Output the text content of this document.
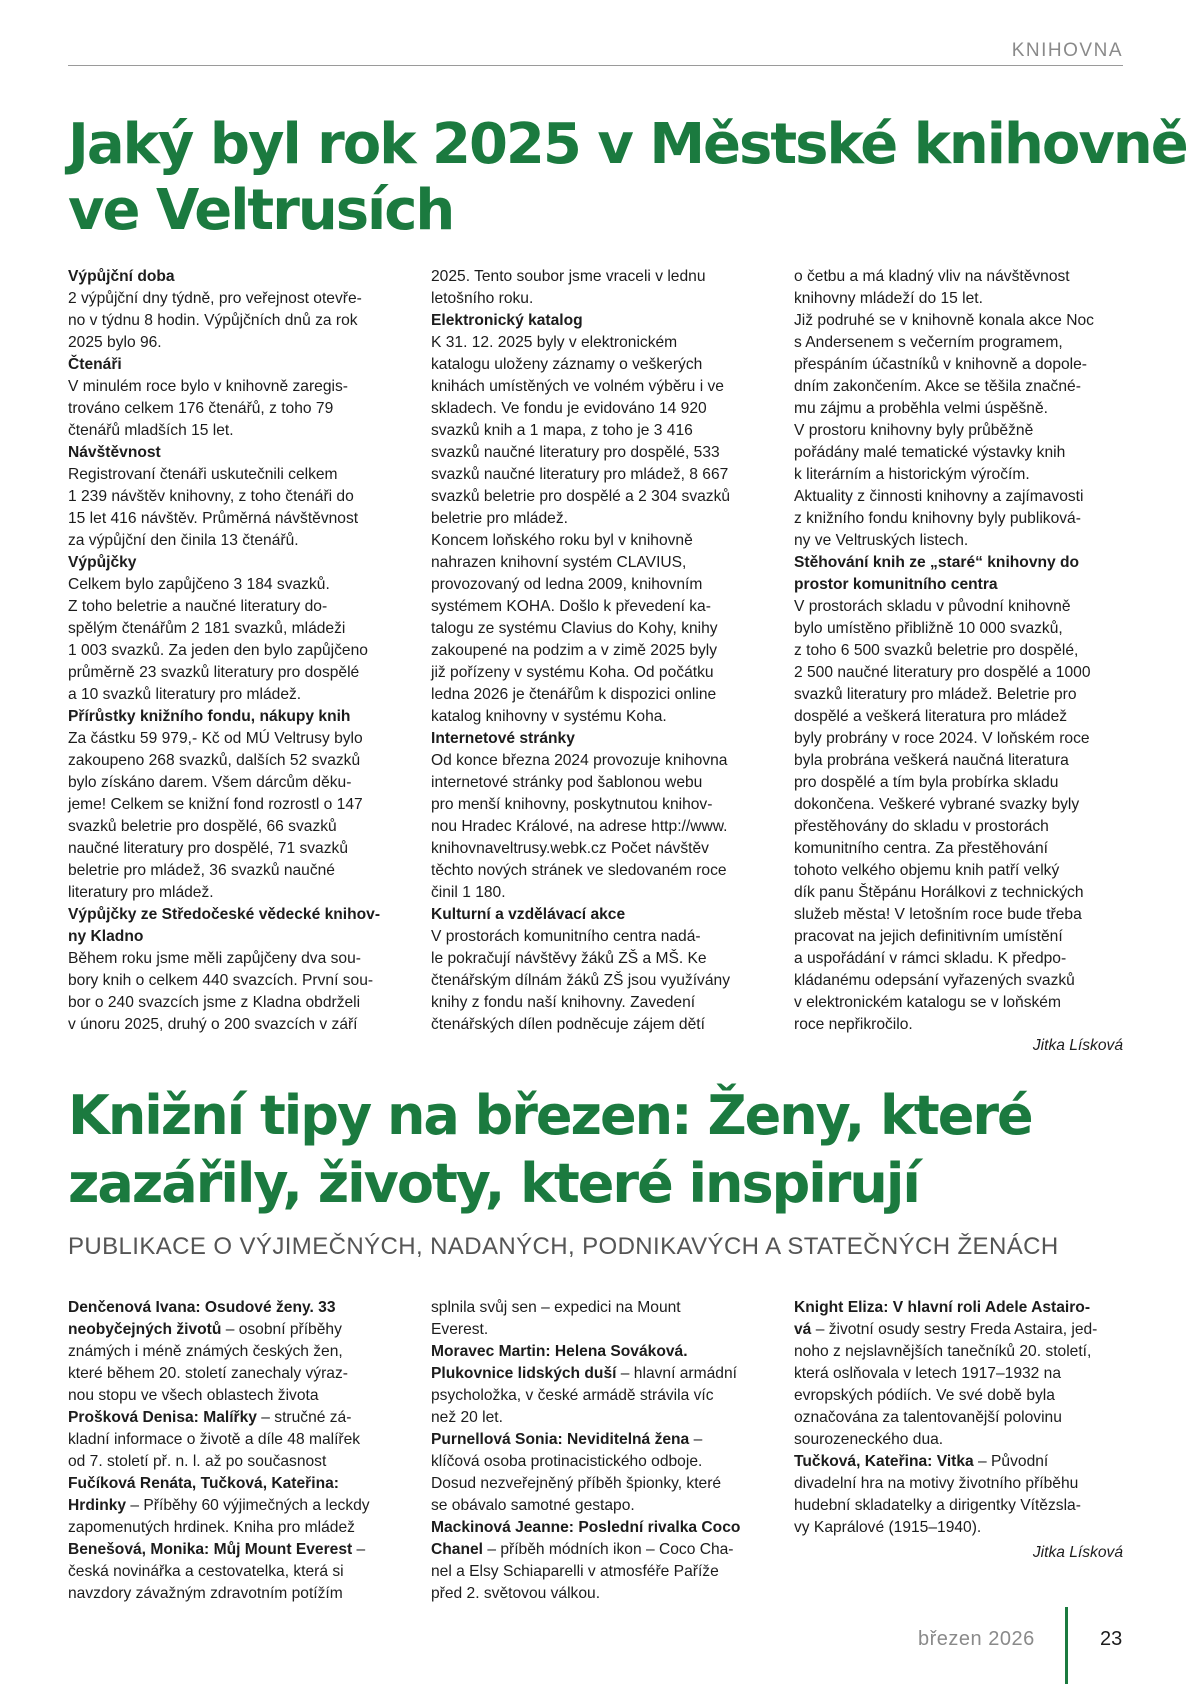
KNIHOVNA
Jaký byl rok 2025 v Městské knihovně
ve Veltrusích
Výpůjční doba
2 výpůjční dny týdně, pro veřejnost otevře-
no v týdnu 8 hodin. Výpůjčních dnů za rok
2025 bylo 96.
Čtenáři
V minulém roce bylo v knihovně zaregis-
trováno celkem 176 čtenářů, z toho 79
čtenářů mladších 15 let.
Návštěvnost
Registrovaní čtenáři uskutečnili celkem
1 239 návštěv knihovny, z toho čtenáři do
15 let 416 návštěv. Průměrná návštěvnost
za výpůjční den činila 13 čtenářů.
Výpůjčky
Celkem bylo zapůjčeno 3 184 svazků.
Z toho beletrie a naučné literatury do-
spělým čtenářům 2 181 svazků, mládeži
1 003 svazků. Za jeden den bylo zapůjčeno
průměrně 23 svazků literatury pro dospělé
a 10 svazků literatury pro mládež.
Přírůstky knižního fondu, nákupy knih
Za částku 59 979,- Kč od MÚ Veltrusy bylo
zakoupeno 268 svazků, dalších 52 svazků
bylo získáno darem. Všem dárcům děku-
jeme! Celkem se knižní fond rozrostl o 147
svazků beletrie pro dospělé, 66 svazků
naučné literatury pro dospělé, 71 svazků
beletrie pro mládež, 36 svazků naučné
literatury pro mládež.
Výpůjčky ze Středočeské vědecké knihov-
ny Kladno
Během roku jsme měli zapůjčeny dva sou-
bory knih o celkem 440 svazcích. První sou-
bor o 240 svazcích jsme z Kladna obdrželi
v únoru 2025, druhý o 200 svazcích v září
2025. Tento soubor jsme vraceli v lednu
letošního roku.
Elektronický katalog
K 31. 12. 2025 byly v elektronickém
katalogu uloženy záznamy o veškerých
knihách umístěných ve volném výběru i ve
skladech. Ve fondu je evidováno 14 920
svazků knih a 1 mapa, z toho je 3 416
svazků naučné literatury pro dospělé, 533
svazků naučné literatury pro mládež, 8 667
svazků beletrie pro dospělé a 2 304 svazků
beletrie pro mládež.
Koncem loňského roku byl v knihovně
nahrazen knihovní systém CLAVIUS,
provozovaný od ledna 2009, knihovním
systémem KOHA. Došlo k převedení ka-
talogu ze systému Clavius do Kohy, knihy
zakoupené na podzim a v zimě 2025 byly
již pořízeny v systému Koha. Od počátku
ledna 2026 je čtenářům k dispozici online
katalog knihovny v systému Koha.
Internetové stránky
Od konce března 2024 provozuje knihovna
internetové stránky pod šablonou webu
pro menší knihovny, poskytnutou knihov-
nou Hradec Králové, na adrese http://www.
knihovnaveltrusy.webk.cz Počet návštěv
těchto nových stránek ve sledovaném roce
činil 1 180.
Kulturní a vzdělávací akce
V prostorách komunitního centra nadá-
le pokračují návštěvy žáků ZŠ a MŠ. Ke
čtenářským dílnám žáků ZŠ jsou využívány
knihy z fondu naší knihovny. Zavedení
čtenářských dílen podněcuje zájem dětí
o četbu a má kladný vliv na návštěvnost
knihovny mládeží do 15 let.
Již podruhé se v knihovně konala akce Noc
s Andersenem s večerním programem,
přespáním účastníků v knihovně a dopole-
dním zakončením. Akce se těšila značné-
mu zájmu a proběhla velmi úspěšně.
V prostoru knihovny byly průběžně
pořádány malé tematické výstavky knih
k literárním a historickým výročím.
Aktuality z činnosti knihovny a zajímavosti
z knižního fondu knihovny byly publiková-
ny ve Veltruských listech.
Stěhování knih ze „staré“ knihovny do
prostor komunitního centra
V prostorách skladu v původní knihovně
bylo umístěno přibližně 10 000 svazků,
z toho 6 500 svazků beletrie pro dospělé,
2 500 naučné literatury pro dospělé a 1000
svazků literatury pro mládež. Beletrie pro
dospělé a veškerá literatura pro mládež
byly probrány v roce 2024. V loňském roce
byla probrána veškerá naučná literatura
pro dospělé a tím byla probírka skladu
dokončena. Veškeré vybrané svazky byly
přestěhovány do skladu v prostorách
komunitního centra. Za přestěhování
tohoto velkého objemu knih patří velký
dík panu Štěpánu Horálkovi z technických
služeb města! V letošním roce bude třeba
pracovat na jejich definitivním umístění
a uspořádání v rámci skladu. K předpo-
kládanému odepsání vyřazených svazků
v elektronickém katalogu se v loňském
roce nepřikročilo.
Jitka Lísková
Knižní tipy na březen: Ženy, které
zazářily, životy, které inspirují
PUBLIKACE O VÝJIMEČNÝCH, NADANÝCH, PODNIKAVÝCH A STATEČNÝCH ŽENÁCH
Denčenová Ivana: Osudové ženy. 33
neobyčejných životů – osobní příběhy
známých i méně známých českých žen,
které během 20. století zanechaly výraz-
nou stopu ve všech oblastech života
Prošková Denisa: Malířky – stručné zá-
kladní informace o životě a díle 48 malířek
od 7. století př. n. l. až po současnost
Fučíková Renáta, Tučková, Kateřina:
Hrdinky – Příběhy 60 výjimečných a leckdy
zapomenutých hrdinek. Kniha pro mládež
Benešová, Monika: Můj Mount Everest –
česká novinářka a cestovatelka, která si
navzdory závažným zdravotním potížím
splnila svůj sen – expedici na Mount
Everest.
Moravec Martin: Helena Sováková.
Plukovnice lidských duší – hlavní armádní
psycholožka, v české armádě strávila víc
než 20 let.
Purnellová Sonia: Neviditelná žena –
klíčová osoba protinacistického odboje.
Dosud nezveřejněný příběh špionky, které
se obávalo samotné gestapo.
Mackinová Jeanne: Poslední rivalka Coco
Chanel – příběh módních ikon – Coco Cha-
nel a Elsy Schiaparelli v atmosféře Paříže
před 2. světovou válkou.
Knight Eliza: V hlavní roli Adele Astairo-
vá – životní osudy sestry Freda Astaira, jed-
noho z nejslavnějších tanečníků 20. století,
která oslňovala v letech 1917–1932 na
evropských pódiích. Ve své době byla
označována za talentovanější polovinu
sourozeneckého dua.
Tučková, Kateřina: Vitka – Původní
divadelní hra na motivy životního příběhu
hudební skladatelky a dirigentky Vítězsla-
vy Kaprálové (1915–1940).
Jitka Lísková
březen 2026	23
